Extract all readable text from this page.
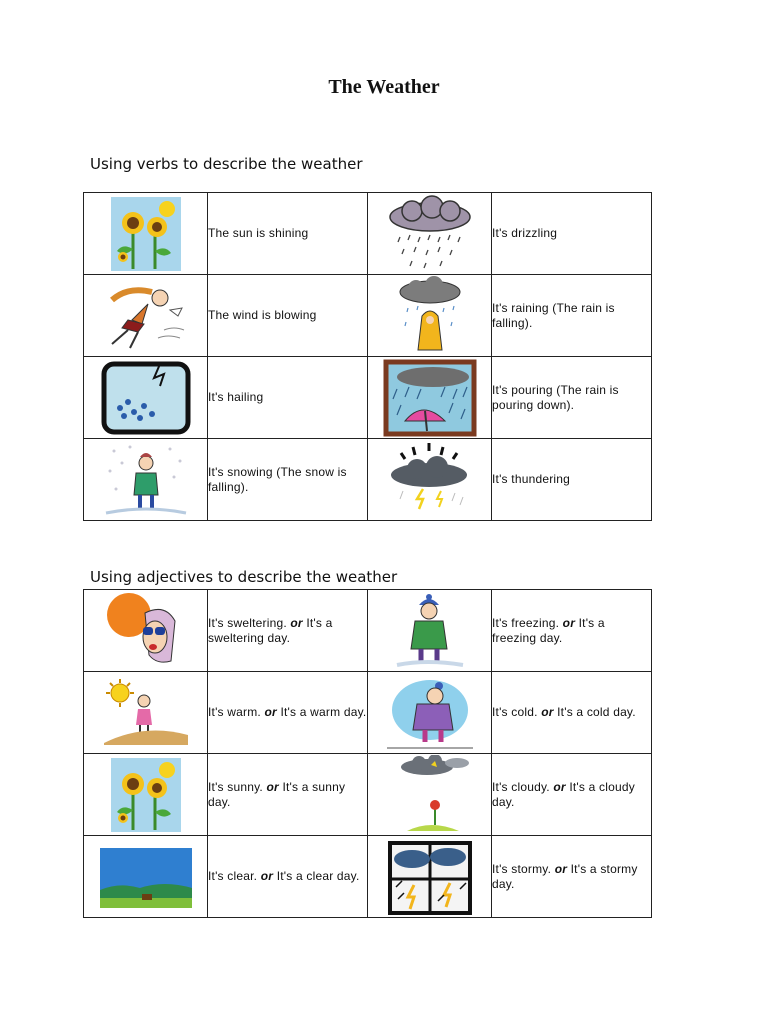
The Weather
Using verbs to describe the weather
	The sun is shining		It's drizzling

	The wind is blowing		It's raining (The rain is falling).

	It's hailing		It's pouring (The rain is pouring down).

	It's snowing (The snow is falling).		It's thundering
Using adjectives to describe the weather
	It's sweltering. or It's a sweltering day.		It's freezing. or It's a freezing day.

	It's warm. or It's a warm day.		It's cold. or It's a cold day.

	It's sunny. or It's a sunny day.		It's cloudy. or It's a cloudy day.

	It's clear. or It's a clear day.		It's stormy. or It's a stormy day.
